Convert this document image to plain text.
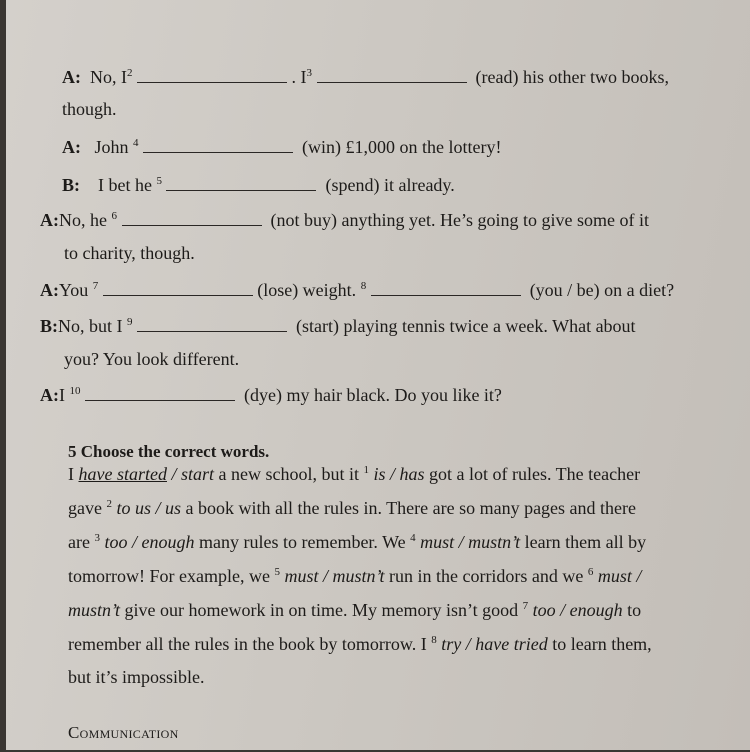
A: No, $I^2$	. $I^3$	(read) his other two books,
though.
A: John $^4$	(win) £1,000 on the lottery!
B: I bet he $^5$	(spend) it already.
A:No, he $^6$	(not buy) anything yet. He’s going to give some of it
to charity, though.
A:You $^7$	(lose) weight. $^8$	(you / be) on a diet?
B:No, but I $^9$	(start) playing tennis twice a week. What about
you? You look different.
A:I $^{10}$	(dye) my hair black. Do you like it?
5 Choose the correct words.
I have started / start a new school, but it $^1$ is / has got a lot of rules. The teacher
gave $^2$ to us / us a book with all the rules in. There are so many pages and there
are $^3$ too / enough many rules to remember. We $^4$ must / mustn’t learn them all by
tomorrow! For example, we $^5$ must / mustn’t run in the corridors and we $^6$ must /
mustn’t give our homework in on time. My memory isn’t good $^7$ too / enough to
remember all the rules in the book by tomorrow. I $^8$ try / have tried to learn them,
but it’s impossible.
Communication
